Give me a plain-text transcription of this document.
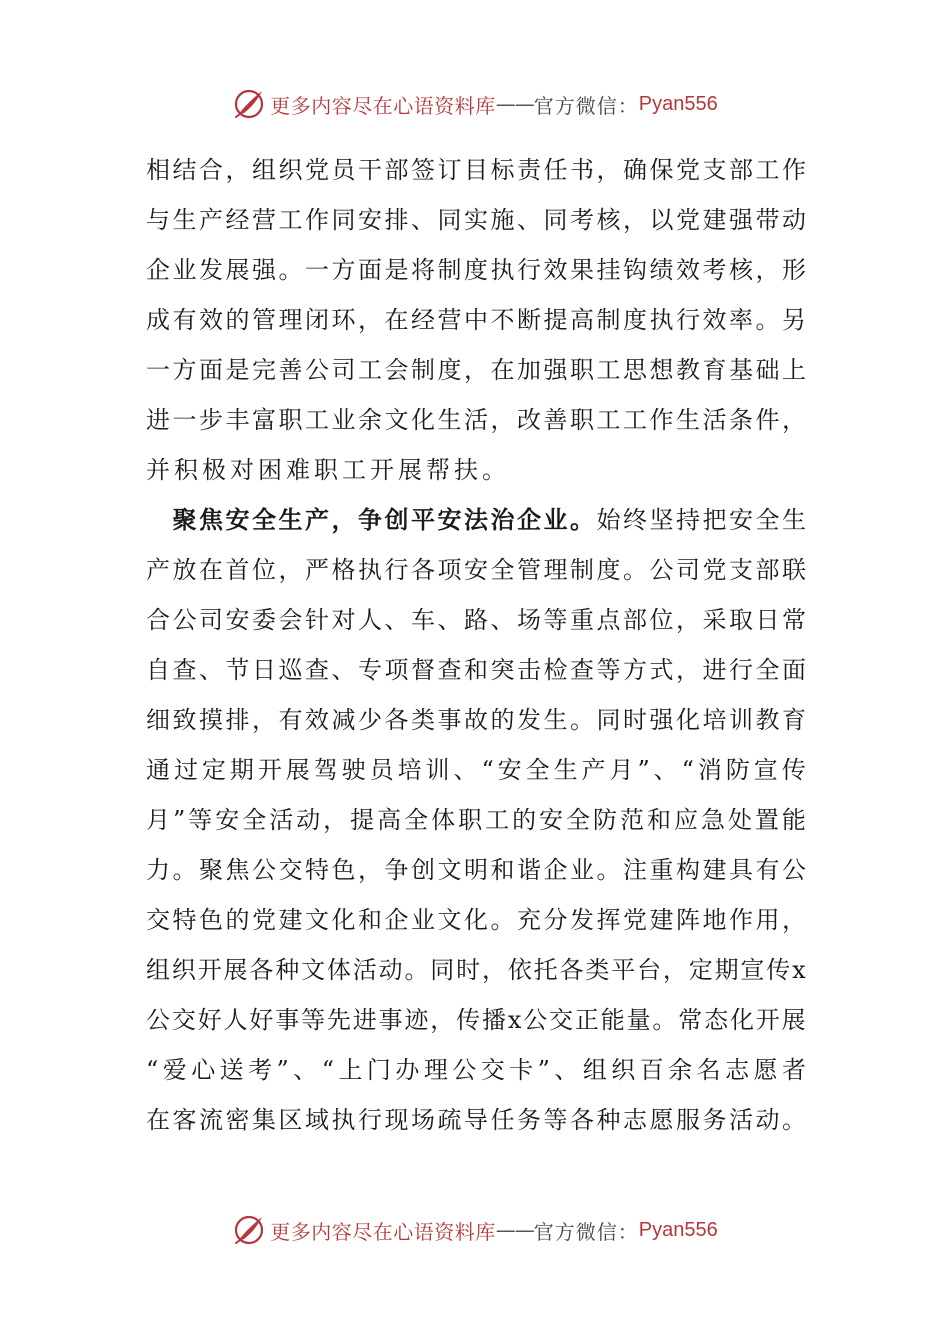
更多内容尽在心语资料库 —— 官方微信： Pyan556
相 结 合 ， 组 织 党 员 干 部 签 订 目 标 责 任 书 ， 确 保 党 支 部 工 作
与 生 产 经 营 工 作 同 安 排 、 同 实 施 、 同 考 核 ， 以 党 建 强 带 动
企 业 发 展 强 。 一 方 面 是 将 制 度 执 行 效 果 挂 钩 绩 效 考 核 ， 形
成 有 效 的 管 理 闭 环 ， 在 经 营 中 不 断 提 高 制 度 执 行 效 率 。 另
一 方 面 是 完 善 公 司 工 会 制 度 ， 在 加 强 职 工 思 想 教 育 基 础 上
进 一 步 丰 富 职 工 业 余 文 化 生 活 ， 改 善 职 工 工 作 生 活 条 件 ，
并积极对困难职工开展帮扶。

聚 焦 安 全 生 产 ， 争 创 平 安 法 治 企 业 。 始 终 坚 持 把 安 全 生
产 放 在 首 位 ， 严 格 执 行 各 项 安 全 管 理 制 度 。 公 司 党 支 部 联
合 公 司 安 委 会 针 对 人 、 车 、 路 、 场 等 重 点 部 位 ， 采 取 日 常
自 查 、 节 日 巡 查 、 专 项 督 查 和 突 击 检 查 等 方 式 ， 进 行 全 面
细 致 摸 排 ， 有 效 减 少 各 类 事 故 的 发 生 。 同 时 强 化 培 训 教 育
通 过 定 期 开 展 驾 驶 员 培 训 、 “ 安 全 生 产 月 ” 、 “ 消 防 宣 传
月 ” 等 安 全 活 动 ， 提 高 全 体 职 工 的 安 全 防 范 和 应 急 处 置 能
力 。 聚 焦 公 交 特 色 ， 争 创 文 明 和 谐 企 业 。 注 重 构 建 具 有 公
交 特 色 的 党 建 文 化 和 企 业 文 化 。 充 分 发 挥 党 建 阵 地 作 用 ，
组 织 开 展 各 种 文 体 活 动 。 同 时 ， 依 托 各 类 平 台 ， 定 期 宣 传 x
公 交 好 人 好 事 等 先 进 事 迹 ， 传 播 x 公 交 正 能 量 。 常 态 化 开 展
“ 爱 心 送 考 ” 、 “ 上 门 办 理 公 交 卡 ” 、 组 织 百 余 名 志 愿 者
在 客 流 密 集 区 域 执 行 现 场 疏 导 任 务 等 各 种 志 愿 服 务 活 动 。
更多内容尽在心语资料库 —— 官方微信： Pyan556
